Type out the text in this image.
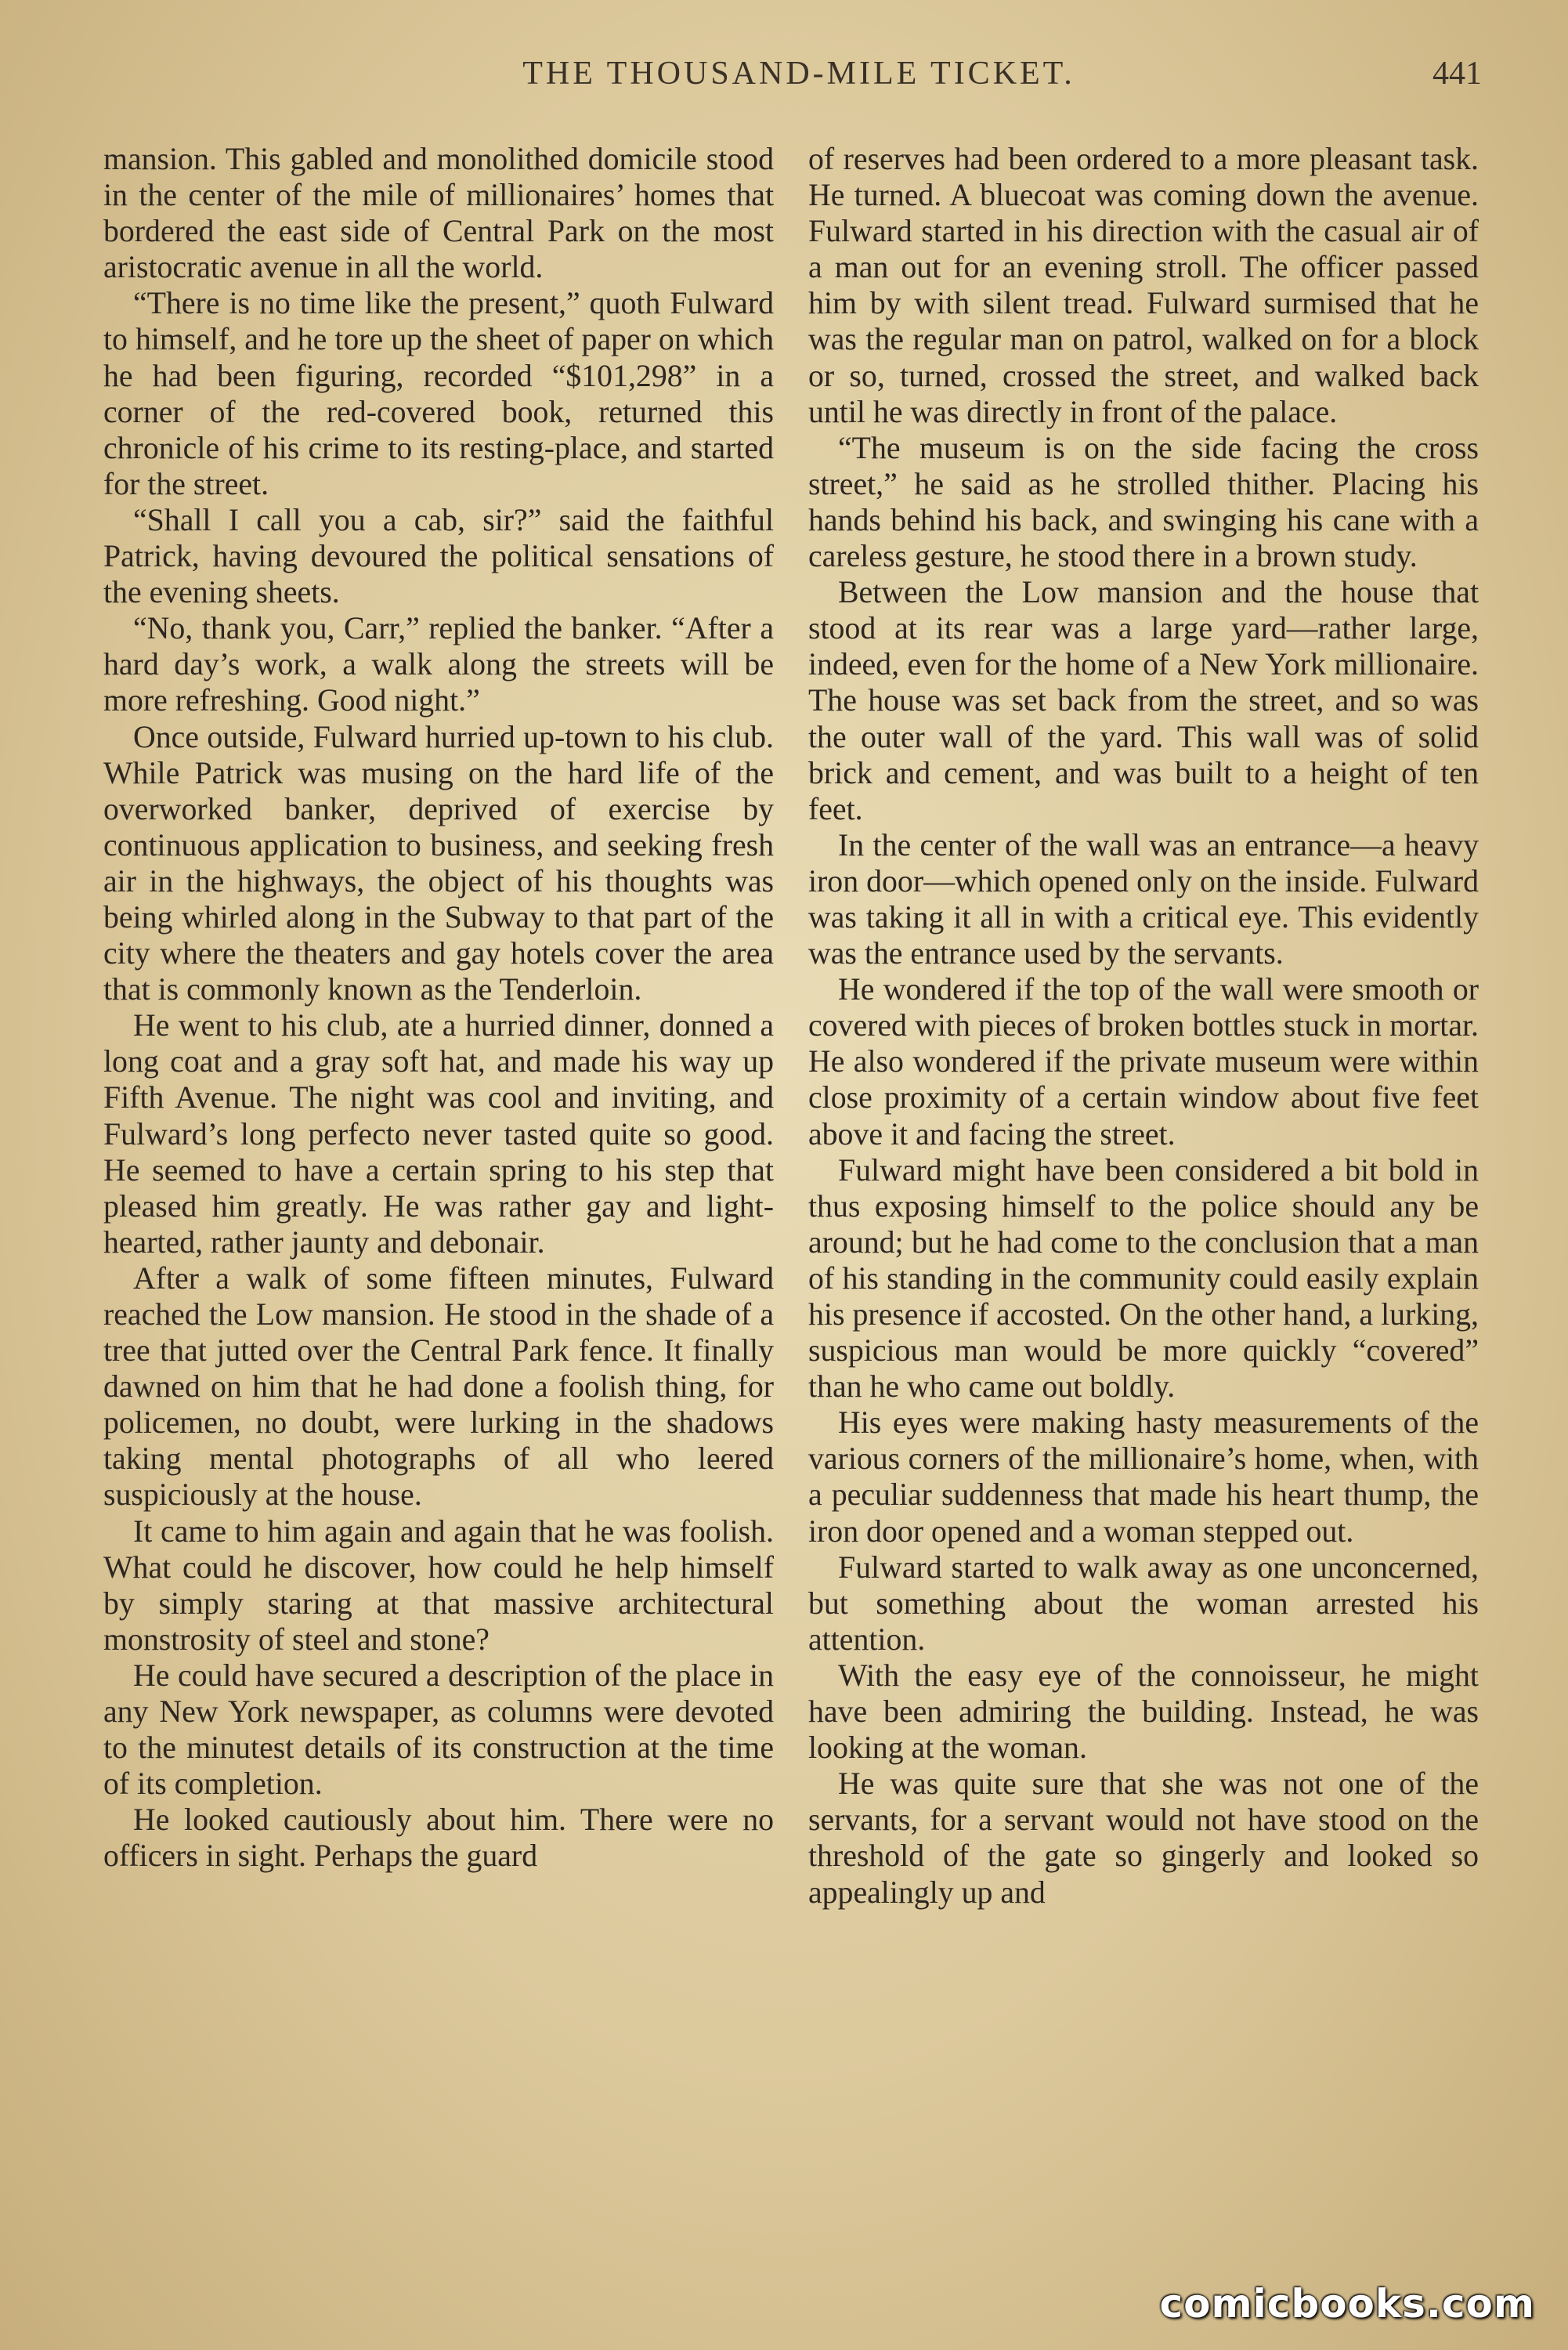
THE THOUSAND-MILE TICKET.	441

mansion. This gabled and monolithed domicile stood in the center of the mile of millionaires’ homes that bordered the east side of Central Park on the most aristocratic avenue in all the world.

“There is no time like the present,” quoth Fulward to himself, and he tore up the sheet of paper on which he had been figuring, recorded “$101,298” in a corner of the red-covered book, returned this chronicle of his crime to its resting-place, and started for the street.

“Shall I call you a cab, sir?” said the faithful Patrick, having devoured the political sensations of the evening sheets.

“No, thank you, Carr,” replied the banker. “After a hard day’s work, a walk along the streets will be more refreshing. Good night.”

Once outside, Fulward hurried up-town to his club. While Patrick was musing on the hard life of the overworked banker, deprived of exercise by continuous application to business, and seeking fresh air in the highways, the object of his thoughts was being whirled along in the Subway to that part of the city where the theaters and gay hotels cover the area that is commonly known as the Tenderloin.

He went to his club, ate a hurried dinner, donned a long coat and a gray soft hat, and made his way up Fifth Avenue. The night was cool and inviting, and Fulward’s long perfecto never tasted quite so good. He seemed to have a certain spring to his step that pleased him greatly. He was rather gay and light-hearted, rather jaunty and debonair.

After a walk of some fifteen minutes, Fulward reached the Low mansion. He stood in the shade of a tree that jutted over the Central Park fence. It finally dawned on him that he had done a foolish thing, for policemen, no doubt, were lurking in the shadows taking mental photographs of all who leered suspiciously at the house.

It came to him again and again that he was foolish. What could he discover, how could he help himself by simply staring at that massive architectural monstrosity of steel and stone?

He could have secured a description of the place in any New York newspaper, as columns were devoted to the minutest details of its construction at the time of its completion.

He looked cautiously about him. There were no officers in sight. Perhaps the guard

of reserves had been ordered to a more pleasant task. He turned. A bluecoat was coming down the avenue. Fulward started in his direction with the casual air of a man out for an evening stroll. The officer passed him by with silent tread. Fulward surmised that he was the regular man on patrol, walked on for a block or so, turned, crossed the street, and walked back until he was directly in front of the palace.

“The museum is on the side facing the cross street,” he said as he strolled thither. Placing his hands behind his back, and swinging his cane with a careless gesture, he stood there in a brown study.

Between the Low mansion and the house that stood at its rear was a large yard—rather large, indeed, even for the home of a New York millionaire. The house was set back from the street, and so was the outer wall of the yard. This wall was of solid brick and cement, and was built to a height of ten feet.

In the center of the wall was an entrance—a heavy iron door—which opened only on the inside. Fulward was taking it all in with a critical eye. This evidently was the entrance used by the servants.

He wondered if the top of the wall were smooth or covered with pieces of broken bottles stuck in mortar. He also wondered if the private museum were within close proximity of a certain window about five feet above it and facing the street.

Fulward might have been considered a bit bold in thus exposing himself to the police should any be around; but he had come to the conclusion that a man of his standing in the community could easily explain his presence if accosted. On the other hand, a lurking, suspicious man would be more quickly “covered” than he who came out boldly.

His eyes were making hasty measurements of the various corners of the millionaire’s home, when, with a peculiar suddenness that made his heart thump, the iron door opened and a woman stepped out.

Fulward started to walk away as one unconcerned, but something about the woman arrested his attention.

With the easy eye of the connoisseur, he might have been admiring the building. Instead, he was looking at the woman.

He was quite sure that she was not one of the servants, for a servant would not have stood on the threshold of the gate so gingerly and looked so appealingly up and

comicbooks.com
